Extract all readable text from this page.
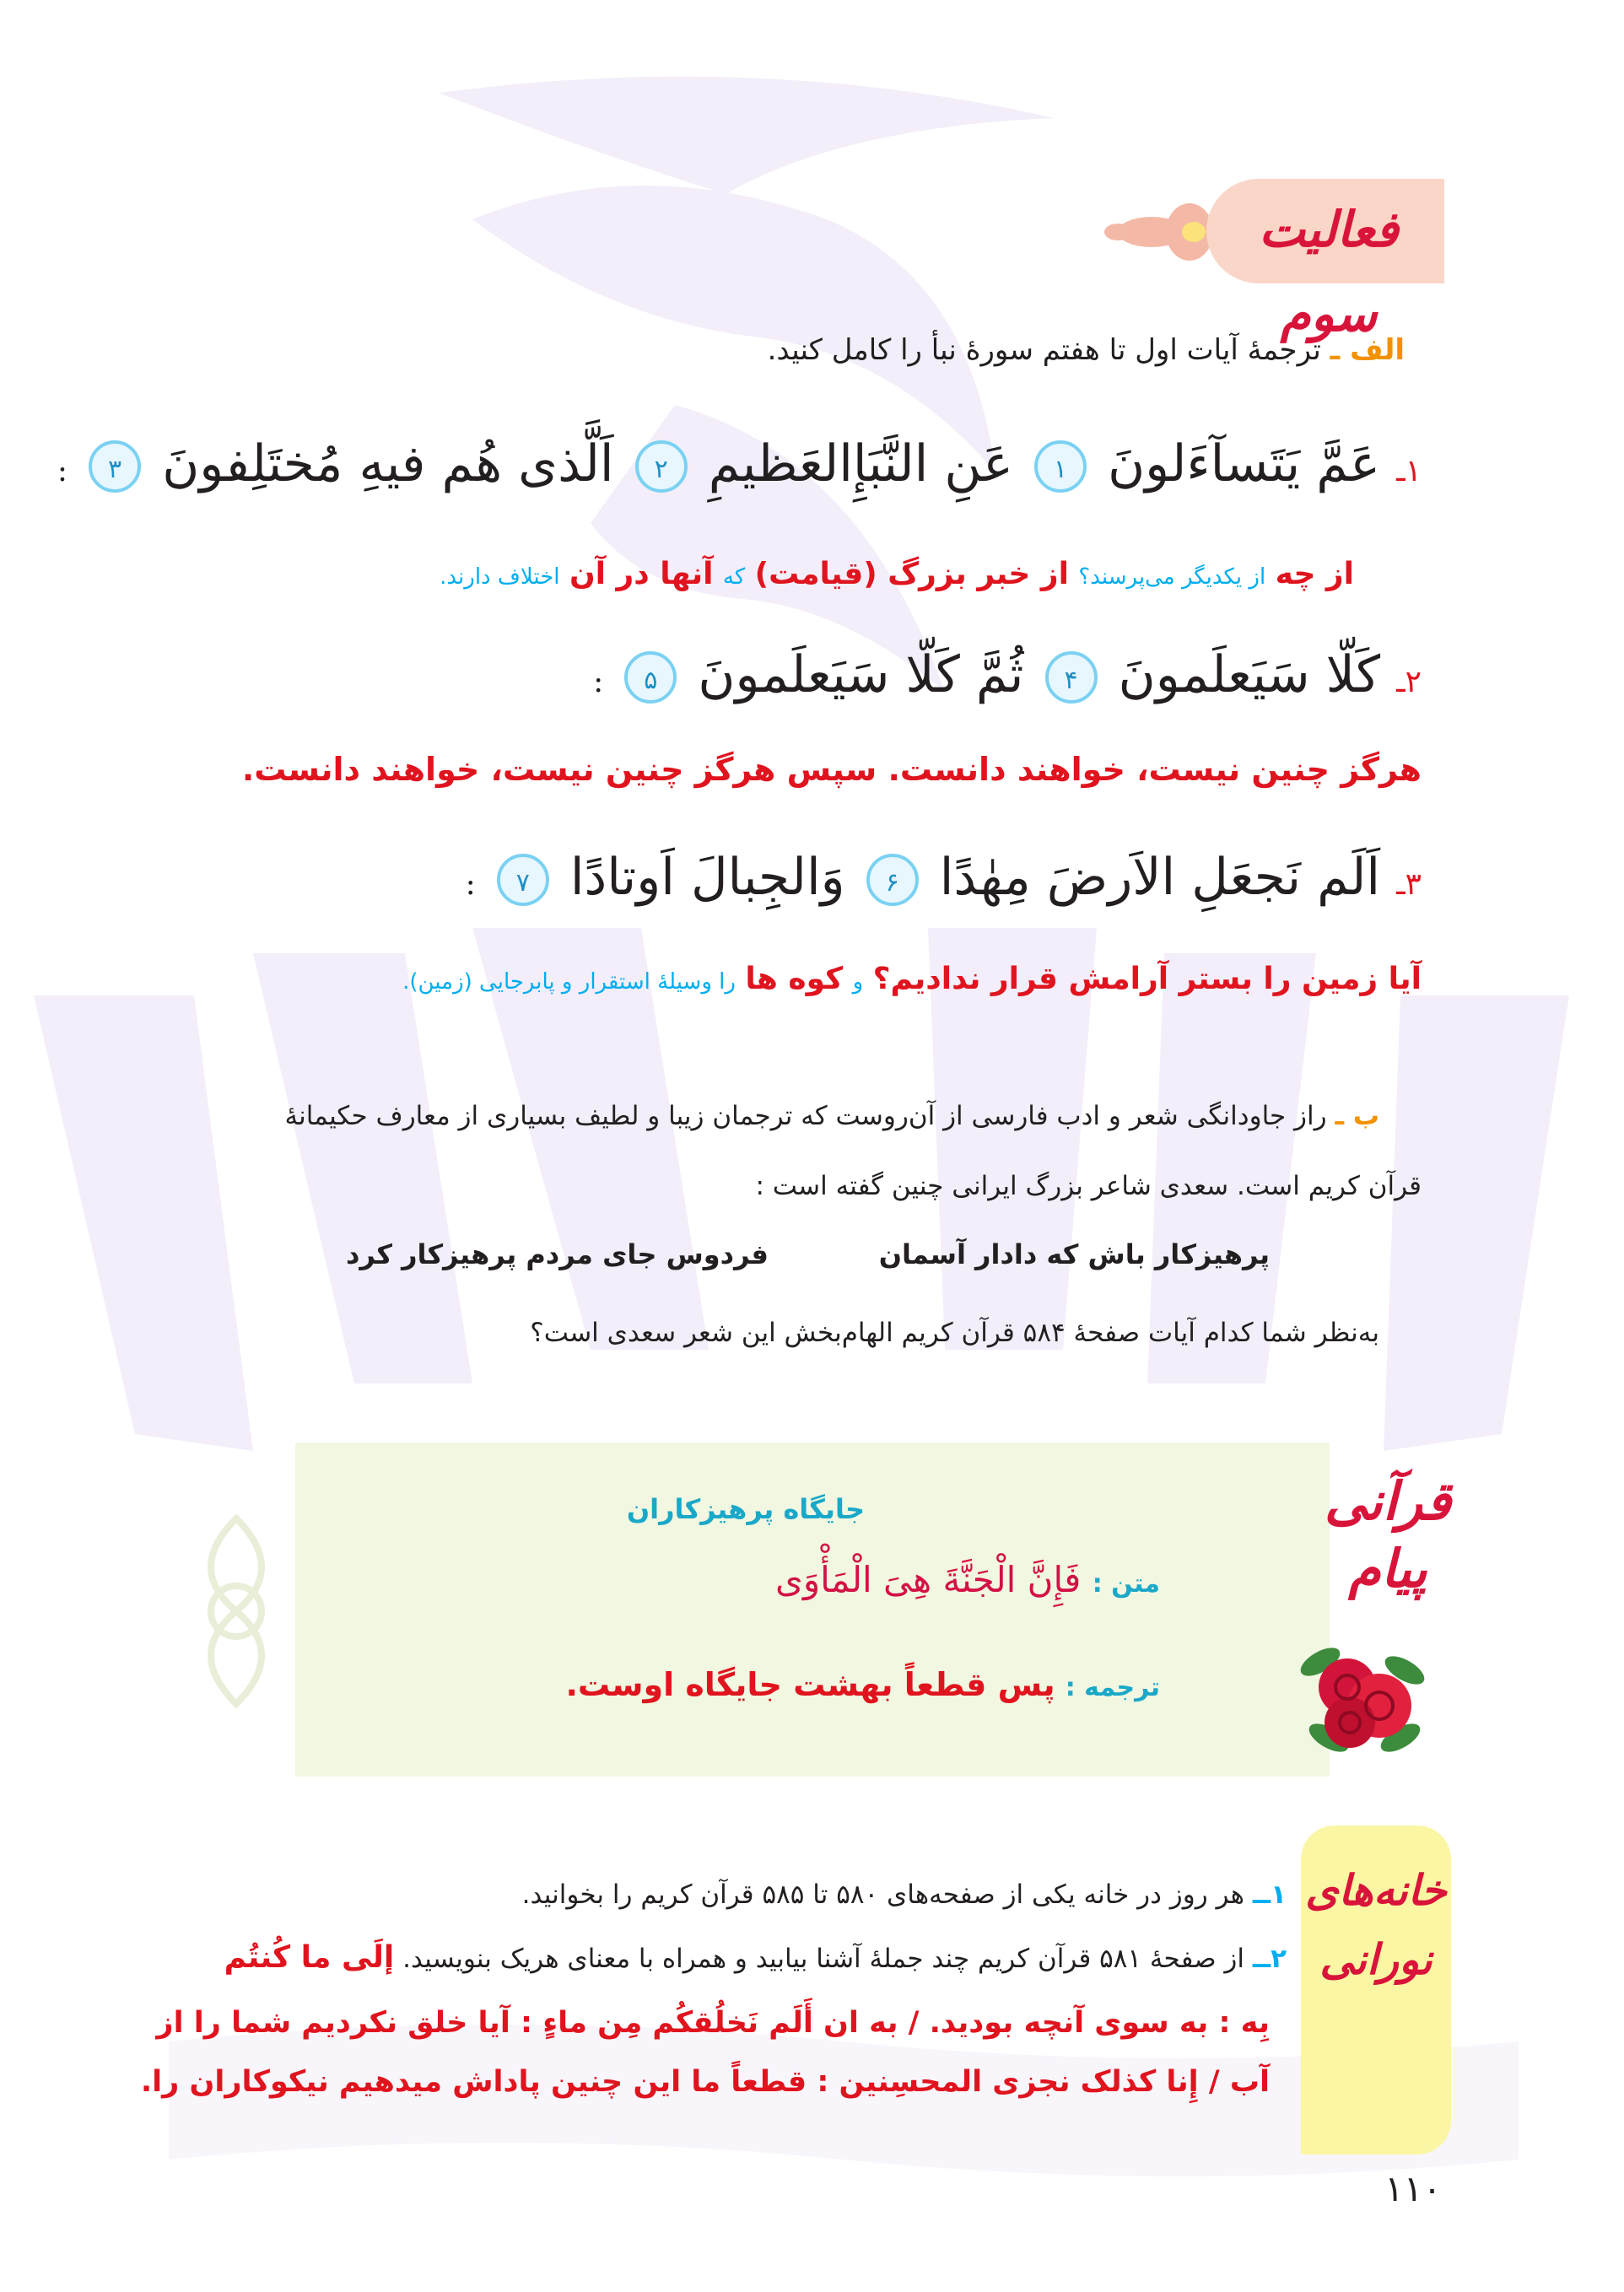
فعالیت سوم
الف ـ ترجمهٔ آیات اول تا هفتم سورهٔ نبأ را کامل کنید.
۱ـ عَمَّ يَتَسآءَلونَ ۱ عَنِ النَّبَإِالعَظيمِ ۲ اَلَّذی هُم فیهِ مُختَلِفونَ ۳ :
از چه از یکدیگر می‌پرسند؟ از خبر بزرگ (قیامت) که آنها در آن اختلاف دارند.
۲ـ كَلّا سَيَعلَمونَ ۴ ثُمَّ كَلّا سَيَعلَمونَ ۵ :
هرگز چنین نیست، خواهند دانست. سپس هرگز چنین نیست، خواهند دانست.
۳ـ اَلَم نَجعَلِ الاَرضَ مِهٰدًا ۶ وَالجِبالَ اَوتادًا ۷ :
آیا زمین را بستر آرامش قرار ندادیم؟ و کوه ها را وسیلهٔ استقرار و پابرجایی (زمین).
ب ـ راز جاودانگی شعر و ادب فارسی از آن‌روست که ترجمان زیبا و لطیف بسیاری از معارف حکیمانهٔ
قرآن کریم است. سعدی شاعر بزرگ ایرانی چنین گفته است :
پرهیزکار باش که دادار آسمان
فردوس جای مردم پرهیزکار کرد
به‌نظر شما کدام آیات صفحهٔ ۵۸۴ قرآن کریم الهام‌بخش این شعر سعدی است؟
قرآنی
پیام
جایگاه پرهیزکاران
متن : فَإِنَّ الْجَنَّةَ هِیَ الْمَأْوَی
ترجمه : پس قطعاً بهشت جایگاه اوست.
خانه‌های
نورانی
۱ــ هر روز در خانه یکی از صفحه‌های ۵۸۰ تا ۵۸۵ قرآن کریم را بخوانید.
۲ــ از صفحهٔ ۵۸۱ قرآن کریم چند جملهٔ آشنا بیابید و همراه با معنای هریک بنویسید. إلَی ما کُنتُم
بِه : به سوی آنچه بودید. / به ان أَلَم نَخلُقکُم مِن ماءٍ : آیا خلق نکردیم شما را از
آب / إِنا کذلک نجزی المحسِنین : قطعاً ما این چنین پاداش میدهیم نیکوکاران را.
۱۱۰
